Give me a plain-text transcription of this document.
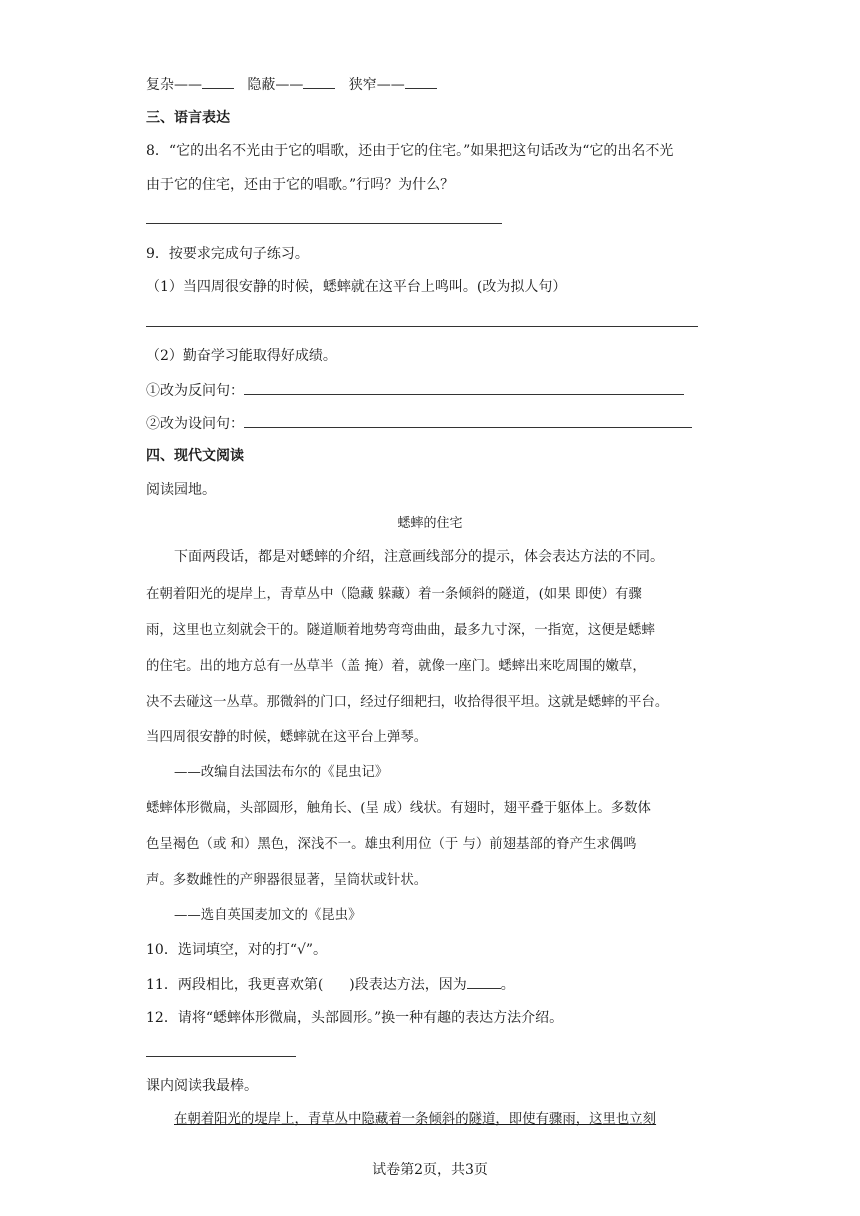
复杂——	隐蔽——	狭窄——
三、语言表达
8．“它的出名不光由于它的唱歌，还由于它的住宅。”如果把这句话改为“它的出名不光
由于它的住宅，还由于它的唱歌。”行吗？为什么？
9．按要求完成句子练习。
（1）当四周很安静的时候，蟋蟀就在这平台上鸣叫。(改为拟人句）
（2）勤奋学习能取得好成绩。
①改为反问句：
②改为设问句：
四、现代文阅读
阅读园地。
蟋蟀的住宅
下面两段话，都是对蟋蟀的介绍，注意画线部分的提示，体会表达方法的不同。
在朝着阳光的堤岸上，青草丛中（隐藏 躲藏）着一条倾斜的隧道，(如果 即使）有骤
雨，这里也立刻就会干的。隧道顺着地势弯弯曲曲，最多九寸深，一指宽，这便是蟋蟀
的住宅。出的地方总有一丛草半（盖 掩）着，就像一座门。蟋蟀出来吃周围的嫩草，
决不去碰这一丛草。那微斜的门口，经过仔细耙扫，收拾得很平坦。这就是蟋蟀的平台。
当四周很安静的时候，蟋蟀就在这平台上弹琴。
——改编自法国法布尔的《昆虫记》
蟋蟀体形微扁，头部圆形，触角长、(呈 成）线状。有翅时，翅平叠于躯体上。多数体
色呈褐色（或 和）黑色，深浅不一。雄虫利用位（于 与）前翅基部的脊产生求偶鸣
声。多数雌性的产卵器很显著，呈筒状或针状。
——选自英国麦加文的《昆虫》
10．选词填空，对的打“√”。
11．两段相比，我更喜欢第( )段表达方法，因为 。
12．请将“蟋蟀体形微扁，头部圆形。”换一种有趣的表达方法介绍。
课内阅读我最棒。
在朝着阳光的堤岸上，青草丛中隐藏着一条倾斜的隧道，即使有骤雨，这里也立刻
试卷第2页，共3页
